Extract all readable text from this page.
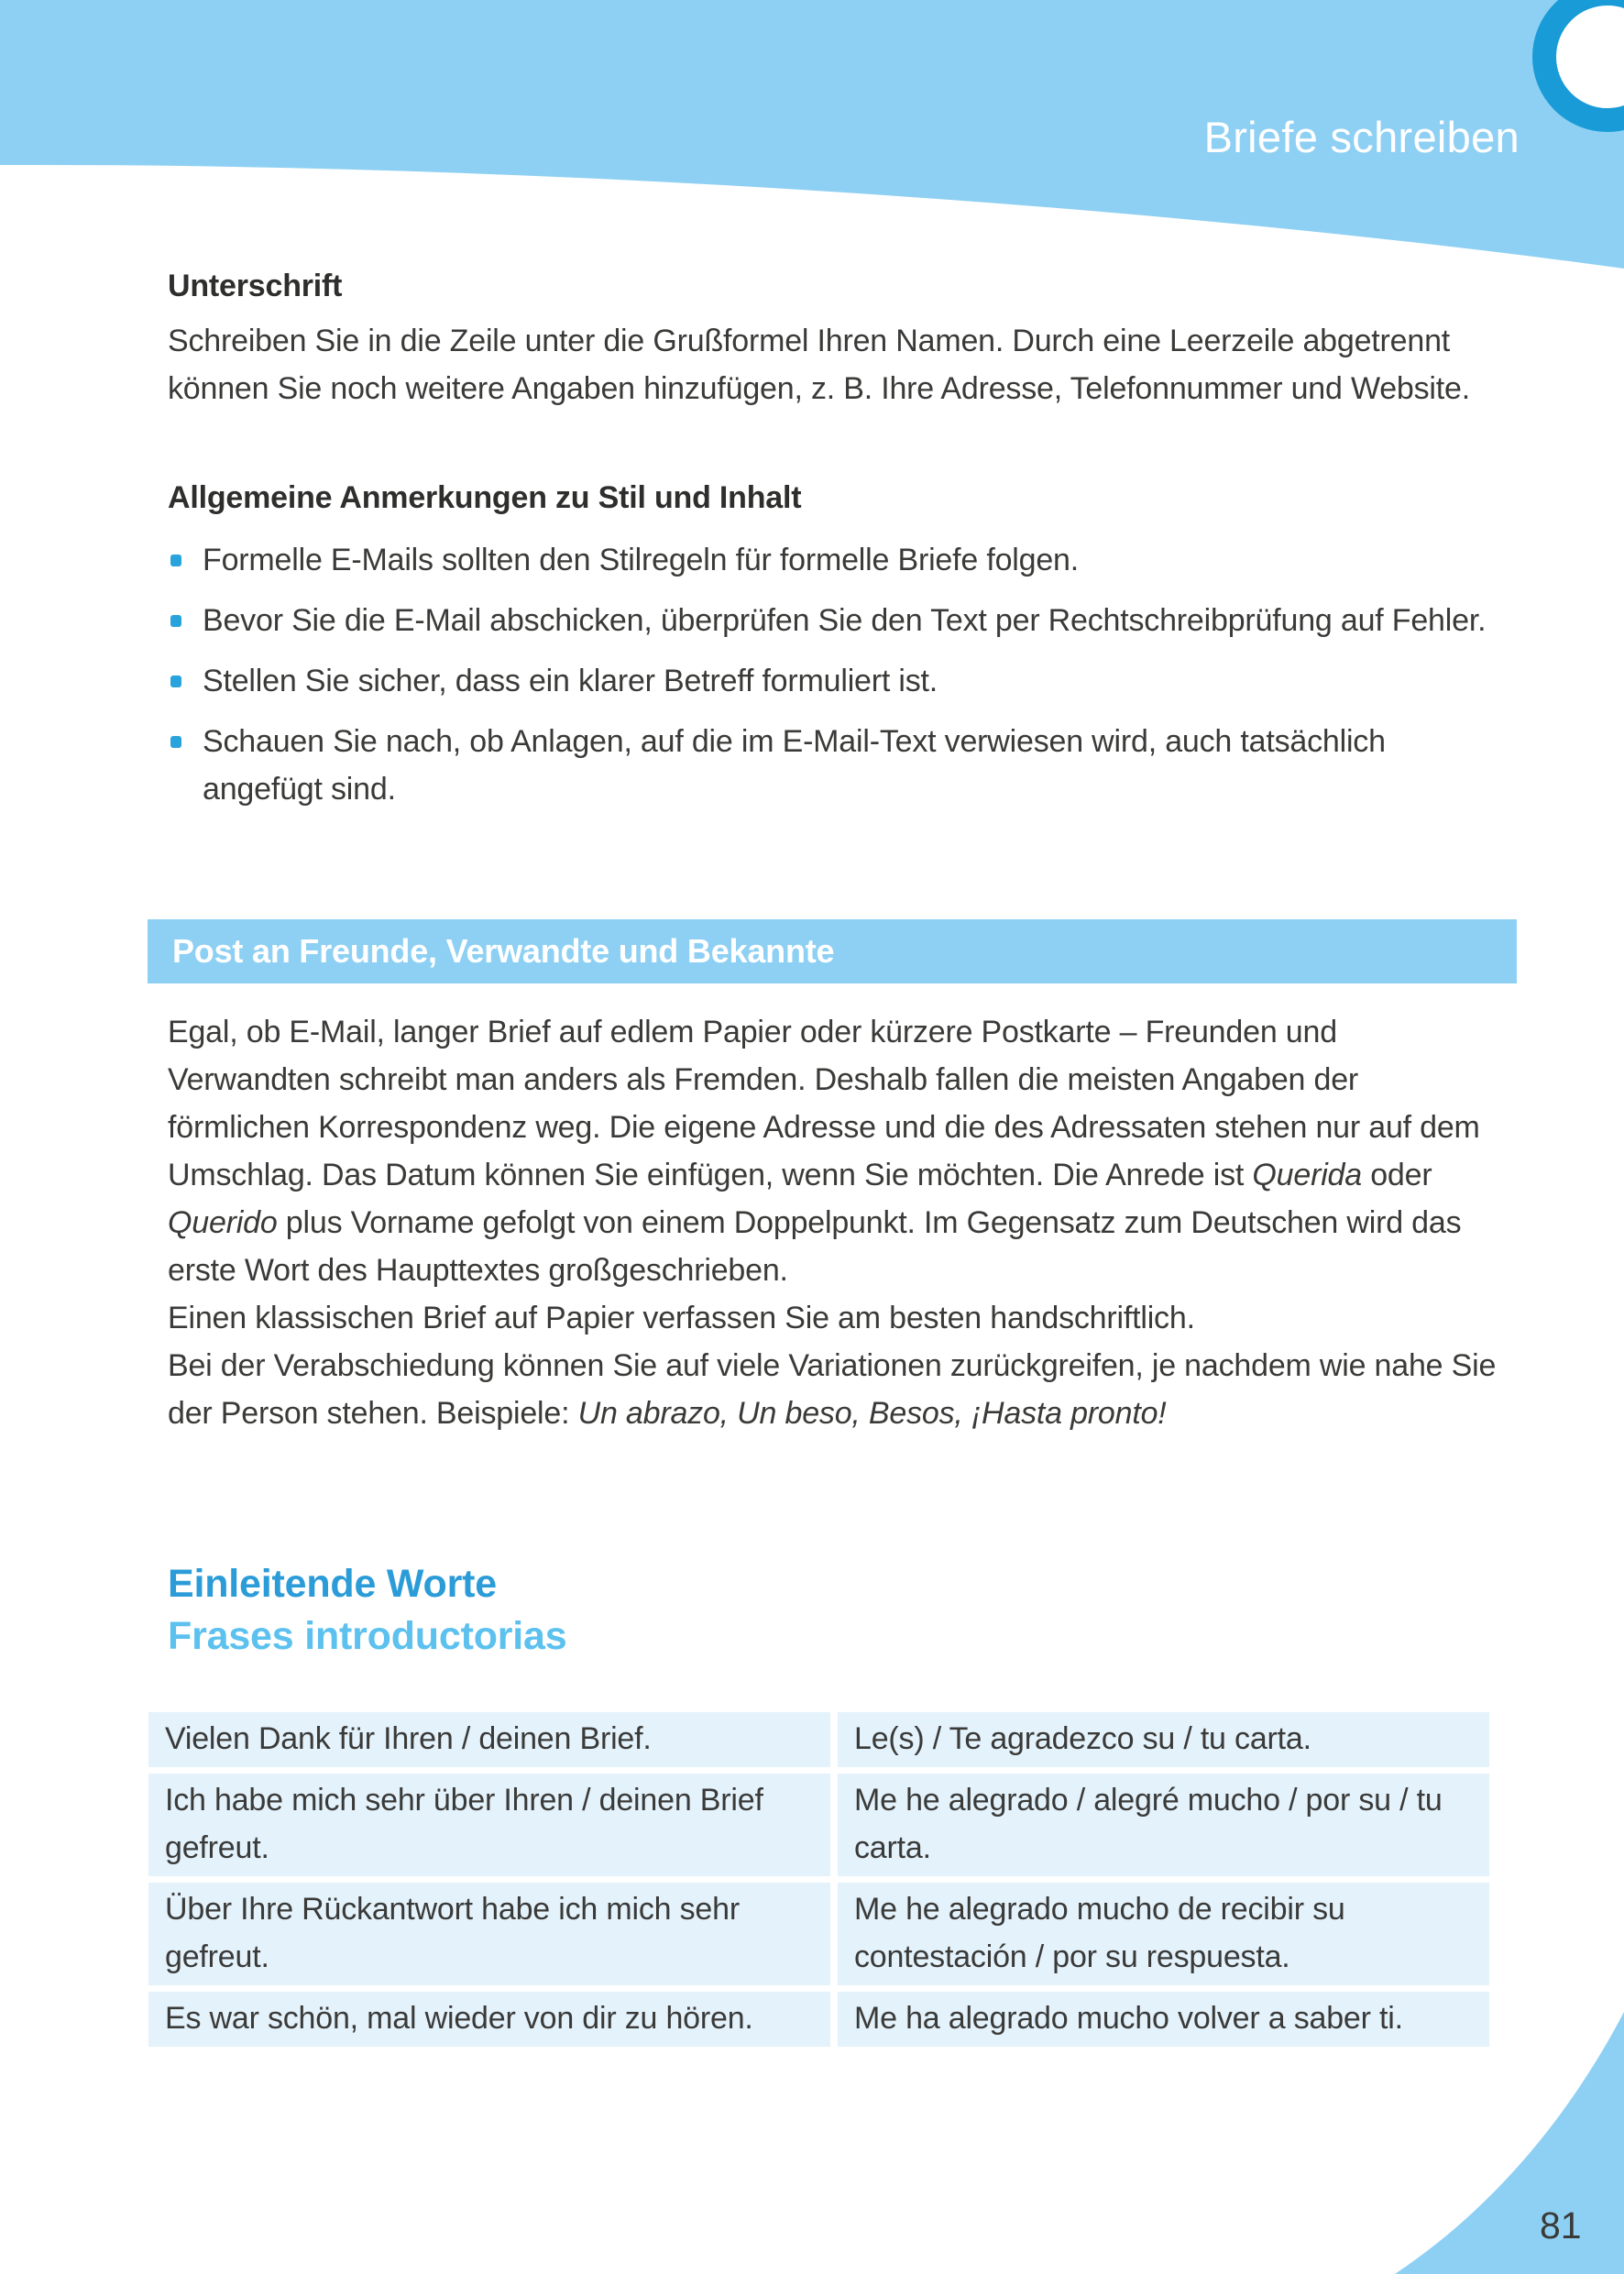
Briefe schreiben
Unterschrift

Schreiben Sie in die Zeile unter die Grußformel Ihren Namen. Durch eine Leerzeile abgetrennt können Sie noch weitere Angaben hinzufügen, z. B. Ihre Adresse, Telefonnummer und Website.

Allgemeine Anmerkungen zu Stil und Inhalt
Formelle E-Mails sollten den Stilregeln für formelle Briefe folgen.
Bevor Sie die E-Mail abschicken, überprüfen Sie den Text per Rechtschreibprüfung auf Fehler.
Stellen Sie sicher, dass ein klarer Betreff formuliert ist.
Schauen Sie nach, ob Anlagen, auf die im E-Mail-Text verwiesen wird, auch tatsächlich angefügt sind.
Post an Freunde, Verwandte und Bekannte

Egal, ob E-Mail, langer Brief auf edlem Papier oder kürzere Postkarte – Freunden und Verwandten schreibt man anders als Fremden. Deshalb fallen die meisten Angaben der förmlichen Korrespondenz weg. Die eigene Adresse und die des Adressaten stehen nur auf dem Umschlag. Das Datum können Sie einfügen, wenn Sie möchten. Die Anrede ist Querida oder Querido plus Vorname gefolgt von einem Doppelpunkt. Im Gegensatz zum Deutschen wird das erste Wort des Haupttextes großgeschrieben.

Einen klassischen Brief auf Papier verfassen Sie am besten handschriftlich.

Bei der Verabschiedung können Sie auf viele Variationen zurückgreifen, je nachdem wie nahe Sie der Person stehen. Beispiele: Un abrazo, Un beso, Besos, ¡Hasta pronto!

Einleitende Worte
Frases introductorias
Vielen Dank für Ihren / deinen Brief.	Le(s) / Te agradezco su / tu carta.
Ich habe mich sehr über Ihren / deinen Brief gefreut.
Me he alegrado / alegré mucho / por su / tu carta.
Über Ihre Rückantwort habe ich mich sehr gefreut.
Me he alegrado mucho de recibir su contestación / por su respuesta.
Es war schön, mal wieder von dir zu hören.	Me ha alegrado mucho volver a saber ti.
81
